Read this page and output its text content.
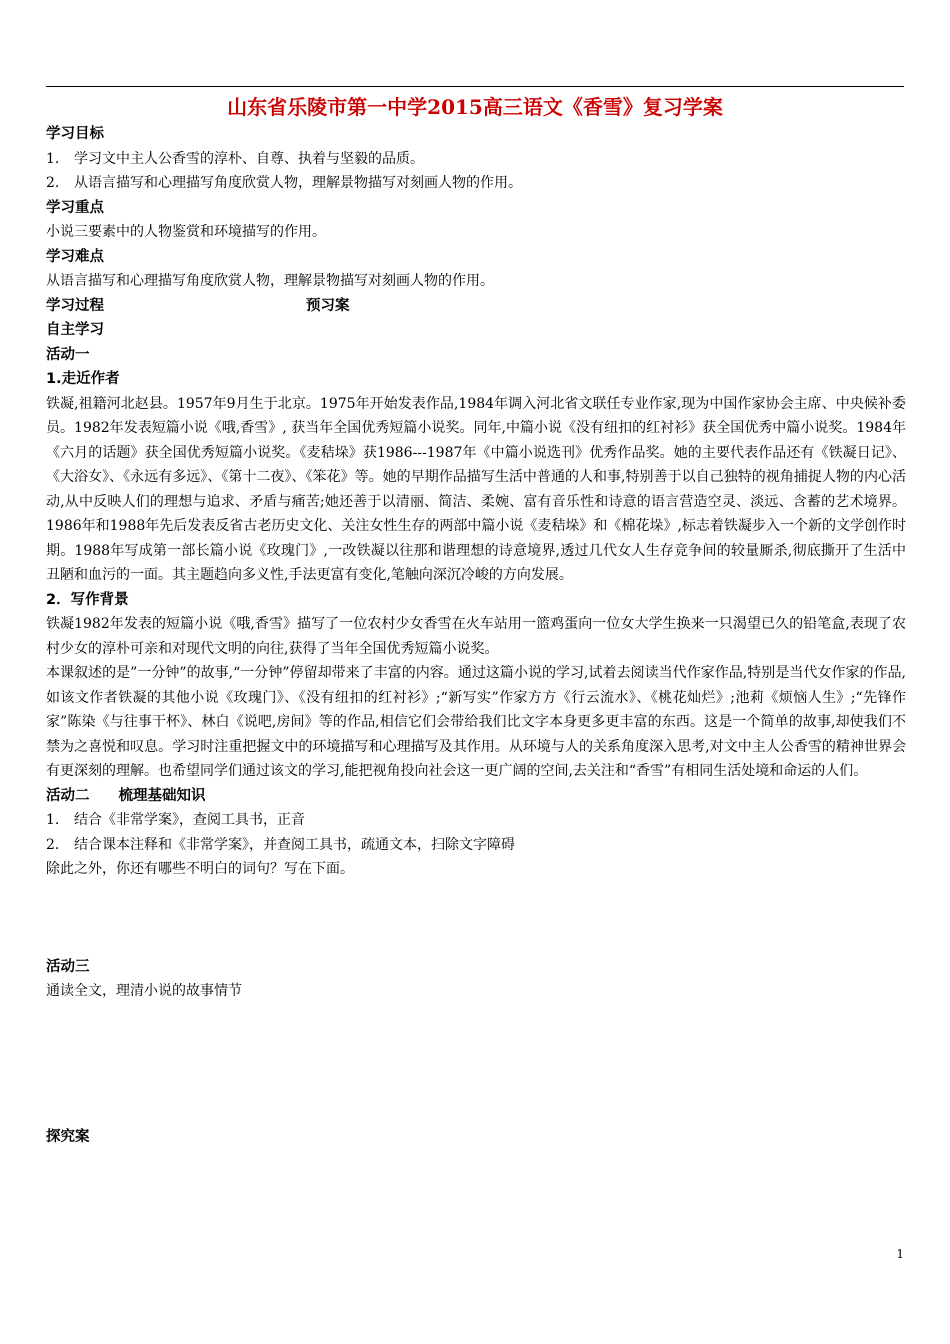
山东省乐陵市第一中学2015高三语文《香雪》复习学案

学习目标

1. 学习文中主人公香雪的淳朴、自尊、执着与坚毅的品质。

2. 从语言描写和心理描写角度欣赏人物，理解景物描写对刻画人物的作用。

学习重点

小说三要素中的人物鉴赏和环境描写的作用。

学习难点

从语言描写和心理描写角度欣赏人物，理解景物描写对刻画人物的作用。

学习过程	预习案

自主学习

活动一

1.走近作者

铁凝,祖籍河北赵县。1957年9月生于北京。1975年开始发表作品,1984年调入河北省文联任专业作家,现为中国作家协会主席、中央候补委员。1982年发表短篇小说《哦,香雪》, 获当年全国优秀短篇小说奖。同年,中篇小说《没有纽扣的红衬衫》获全国优秀中篇小说奖。1984年《六月的话题》获全国优秀短篇小说奖。《麦秸垛》获1986---1987年《中篇小说选刊》优秀作品奖。她的主要代表作品还有《铁凝日记》、《大浴女》、《永远有多远》、《第十二夜》、《笨花》等。她的早期作品描写生活中普通的人和事,特别善于以自己独特的视角捕捉人物的内心活动,从中反映人们的理想与追求、矛盾与痛苦;她还善于以清丽、简洁、柔婉、富有音乐性和诗意的语言营造空灵、淡远、含蓄的艺术境界。1986年和1988年先后发表反省古老历史文化、关注女性生存的两部中篇小说《麦秸垛》和《棉花垛》,标志着铁凝步入一个新的文学创作时期。1988年写成第一部长篇小说《玫瑰门》,一改铁凝以往那和谐理想的诗意境界,透过几代女人生存竞争间的较量厮杀,彻底撕开了生活中丑陋和血污的一面。其主题趋向多义性,手法更富有变化,笔触向深沉冷峻的方向发展。

2．写作背景

铁凝1982年发表的短篇小说《哦,香雪》描写了一位农村少女香雪在火车站用一篮鸡蛋向一位女大学生换来一只渴望已久的铅笔盒,表现了农村少女的淳朴可亲和对现代文明的向往,获得了当年全国优秀短篇小说奖。

本课叙述的是”一分钟”的故事,“一分钟”停留却带来了丰富的内容。通过这篇小说的学习,试着去阅读当代作家作品,特别是当代女作家的作品,如该文作者铁凝的其他小说《玫瑰门》、《没有纽扣的红衬衫》;“新写实”作家方方《行云流水》、《桃花灿烂》;池莉《烦恼人生》;“先锋作家”陈染《与往事干杯》、林白《说吧,房间》等的作品,相信它们会带给我们比文字本身更多更丰富的东西。这是一个简单的故事,却使我们不禁为之喜悦和叹息。学习时注重把握文中的环境描写和心理描写及其作用。从环境与人的关系角度深入思考,对文中主人公香雪的精神世界会有更深刻的理解。也希望同学们通过该文的学习,能把视角投向社会这一更广阔的空间,去关注和“香雪”有相同生活处境和命运的人们。

活动二　　梳理基础知识

1. 结合《非常学案》，查阅工具书，正音

2. 结合课本注释和《非常学案》，并查阅工具书，疏通文本，扫除文字障碍

除此之外，你还有哪些不明白的词句？写在下面。

活动三

通读全文，理清小说的故事情节

探究案

1
